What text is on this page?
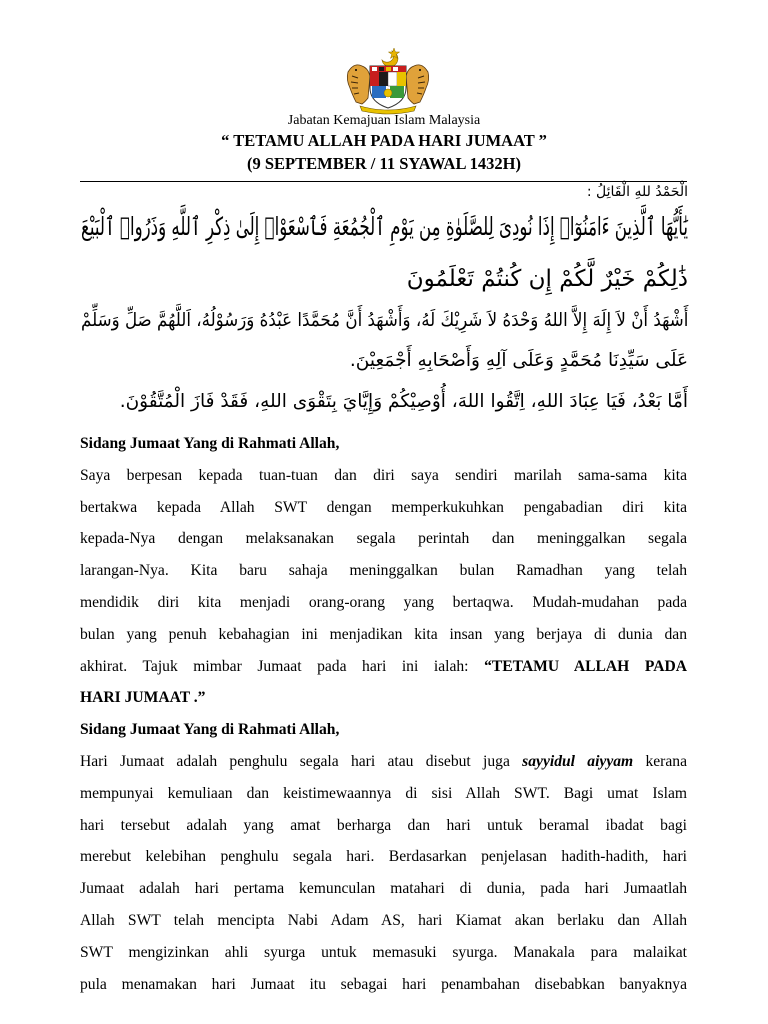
Jabatan Kemajuan Islam Malaysia
“ TETAMU ALLAH PADA HARI JUMAAT ”
(9 SEPTEMBER / 11 SYAWAL 1432H)
الْحَمْدُ للهِ الْقَائِلُ :
يَٰأَيُّهَا ٱلَّذِينَ ءَامَنُوٓا۟ إِذَا نُودِىَ لِلصَّلَوٰةِ مِن يَوْمِ ٱلْجُمُعَةِ فَٱسْعَوْا۟ إِلَىٰ ذِكْرِ ٱللَّهِ وَذَرُوا۟ ٱلْبَيْعَ
ذَٰلِكُمْ خَيْرٌ لَّكُمْ إِن كُنتُمْ تَعْلَمُونَ
أَشْهَدُ أَنْ لاَ إِلَهَ إِلاَّ اللهُ وَحْدَهُ لاَ شَرِيْكَ لَهُ، وَأَشْهَدُ أَنَّ مُحَمَّدًا عَبْدُهُ وَرَسُوْلُهُ، اَللَّهُمَّ صَلِّ وَسَلِّمْ
عَلَى سَيِّدِنَا مُحَمَّدٍ وَعَلَى آلِهِ وَأَصْحَابِهِ أَجْمَعِيْنَ.
أَمَّا بَعْدُ، فَيَا عِبَادَ اللهِ، اِتَّقُوا اللهَ، أُوْصِيْكُمْ وَإِيَّايَ بِتَقْوَى اللهِ، فَقَدْ فَازَ الْمُتَّقُوْنَ.
Sidang Jumaat Yang di Rahmati Allah,

Saya berpesan kepada tuan-tuan dan diri saya sendiri marilah sama-sama kita

bertakwa kepada Allah SWT dengan memperkukuhkan pengabadian diri kita

kepada-Nya dengan melaksanakan segala perintah dan meninggalkan segala

larangan-Nya. Kita baru sahaja meninggalkan bulan Ramadhan yang telah

mendidik diri kita menjadi orang-orang yang bertaqwa. Mudah-mudahan pada

bulan yang penuh kebahagian ini menjadikan kita insan yang berjaya di dunia dan

akhirat. Tajuk mimbar Jumaat pada hari ini ialah: “TETAMU ALLAH PADA

HARI JUMAAT .”

Sidang Jumaat Yang di Rahmati Allah,

Hari Jumaat adalah penghulu segala hari atau disebut juga sayyidul aiyyam kerana

mempunyai kemuliaan dan keistimewaannya di sisi Allah SWT. Bagi umat Islam

hari tersebut adalah yang amat berharga dan hari untuk beramal ibadat bagi

merebut kelebihan penghulu segala hari. Berdasarkan penjelasan hadith-hadith, hari

Jumaat adalah hari pertama kemunculan matahari di dunia, pada hari Jumaatlah

Allah SWT telah mencipta Nabi Adam AS, hari Kiamat akan berlaku dan Allah

SWT mengizinkan ahli syurga untuk memasuki syurga. Manakala para malaikat

pula menamakan hari Jumaat itu sebagai hari penambahan disebabkan banyaknya
